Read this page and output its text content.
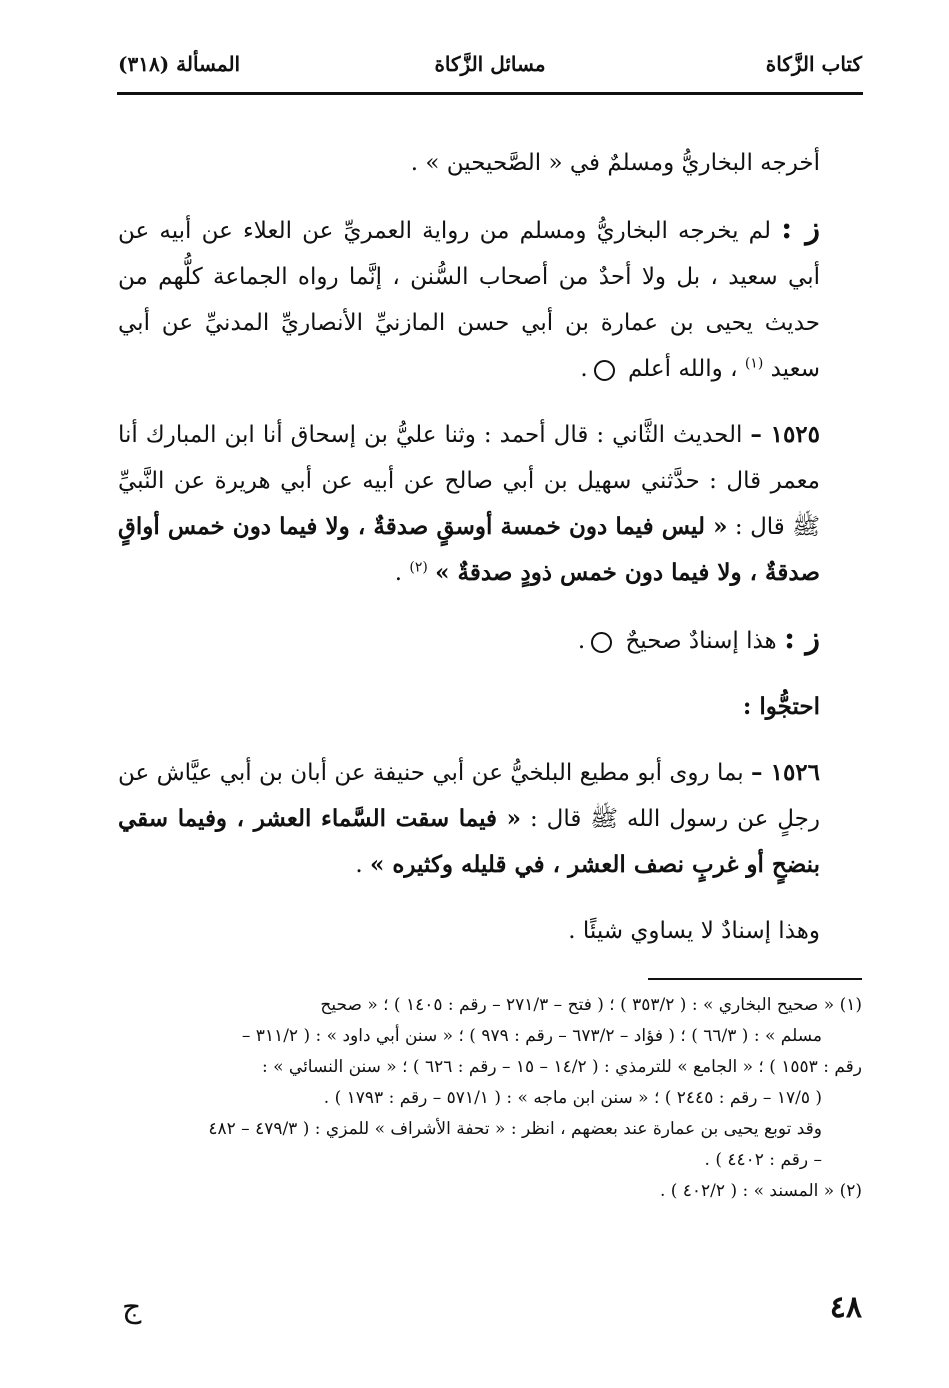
كتاب الزَّكاة
مسائل الزَّكاة
المسألة (٣١٨)

أخرجه البخاريُّ ومسلمٌ في « الصَّحيحين » .

ز : لم يخرجه البخاريُّ ومسلم من رواية العمريِّ عن العلاء عن أبيه عن أبي سعيد ، بل ولا أحدٌ من أصحاب السُّنن ، إنَّما رواه الجماعة كلُّهم من حديث يحيى بن عمارة بن أبي حسن المازنيِّ الأنصاريِّ المدنيِّ عن أبي سعيد $^{(١)}$ ، والله أعلم .

١٥٢٥ – الحديث الثَّاني : قال أحمد : وثنا عليُّ بن إسحاق أنا ابن المبارك أنا معمر قال : حدَّثني سهيل بن أبي صالح عن أبيه عن أبي هريرة عن النَّبيِّ ﷺ قال : « ليس فيما دون خمسة أوسقٍ صدقةٌ ، ولا فيما دون خمس أواقٍ صدقةٌ ، ولا فيما دون خمس ذودٍ صدقةٌ » $^{(٢)}$ .

ز : هذا إسنادٌ صحيحٌ .

احتجُّوا :

١٥٢٦ – بما روى أبو مطيع البلخيُّ عن أبي حنيفة عن أبان بن أبي عيَّاش عن رجلٍ عن رسول الله ﷺ قال : « فيما سقت السَّماء العشر ، وفيما سقي بنضحٍ أو غربٍ نصف العشر ، في قليله وكثيره » .

وهذا إسنادٌ لا يساوي شيئًا .

(١) « صحيح البخاري » : ( ٣٥٣/٢ ) ؛ ( فتح – ٢٧١/٣ – رقم : ١٤٠٥ ) ؛ « صحيح

مسلم » : ( ٦٦/٣ ) ؛ ( فؤاد – ٦٧٣/٢ – رقم : ٩٧٩ ) ؛ « سنن أبي داود » : ( ٣١١/٢ –

رقم : ١٥٥٣ ) ؛ « الجامع » للترمذي : ( ١٤/٢ – ١٥ – رقم : ٦٢٦ ) ؛ « سنن النسائي » :

( ١٧/٥ – رقم : ٢٤٤٥ ) ؛ « سنن ابن ماجه » : ( ٥٧١/١ – رقم : ١٧٩٣ ) .

وقد توبع يحيى بن عمارة عند بعضهم ، انظر : « تحفة الأشراف » للمزي : ( ٤٧٩/٣ – ٤٨٢

– رقم : ٤٤٠٢ ) .

(٢) « المسند » : ( ٤٠٢/٢ ) .

٤٨
ج
